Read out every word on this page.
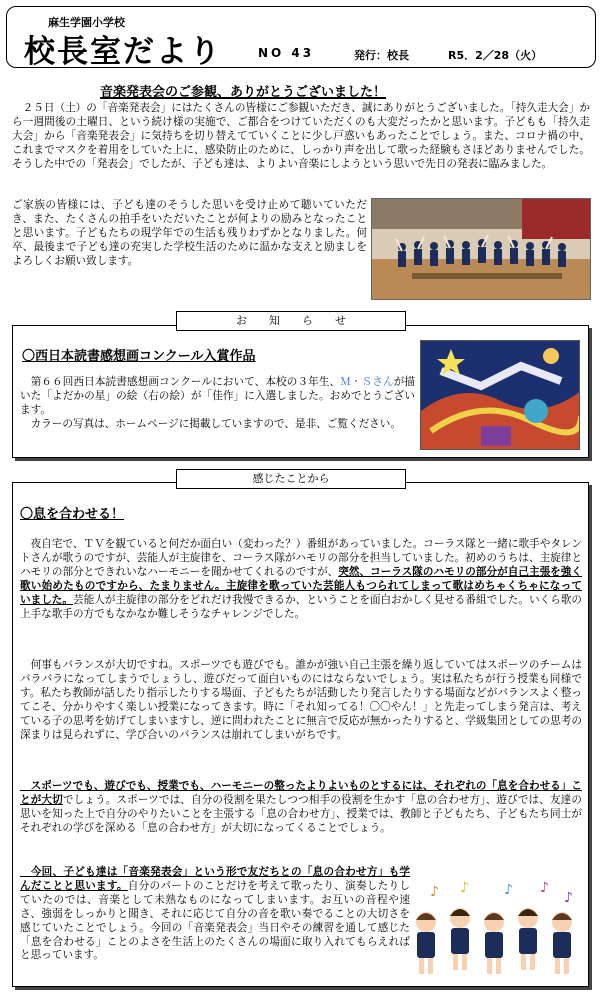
麻生学園小学校
校長室だより	NO 43	発行：校長	R5．2／28（火）
音楽発表会のご参観、ありがとうございました！

　２５日（土）の「音楽発表会」にはたくさんの皆様にご参観いただき、誠にありがとうございました。「持久走大会」から一週間後の土曜日、という続け様の実施で、ご都合をつけていただくのも大変だったかと思います。子どもも「持久走大会」から「音楽発表会」に気持ちを切り替えてていくことに少し戸惑いもあったことでしょう。また、コロナ禍の中、これまでマスクを着用をしていた上に、感染防止のために、しっかり声を出して歌った経験もさほどありませんでした。そうした中での「発表会」でしたが、子ども達は、よりよい音楽にしようという思いで先日の発表に臨みました。

ご家族の皆様には、子ども達のそうした思いを受け止めて聴いていただき、また、たくさんの拍手をいただいたことが何よりの励みとなったことと思います。子どもたちの現学年での生活も残りわずかとなりました。何卒、最後まで子ども達の充実した学校生活のために温かな支えと励ましをよろしくお願い致します。

お　　知　　ら　　せ
〇西日本読書感想画コンクール入賞作品

　第６６回西日本読書感想画コンクールにおいて、本校の３年生、Ｍ・Ｓさんが描いた「よだかの星」の絵（右の絵）が「佳作」に入選しました。おめでとうございます。

　カラーの写真は、ホームページに掲載していますので、是非、ご覧ください。

感じたことから
〇息を合わせる！

　夜自宅で、ＴＶを観ていると何だか面白い（変わった？）番組があっていました。コーラス隊と一緒に歌手やタレントさんが歌うのですが、芸能人が主旋律を、コーラス隊がハモリの部分を担当していました。初めのうちは、主旋律とハモリの部分とできれいなハーモニーを聞かせてくれるのですが、突然、コーラス隊のハモリの部分が自己主張を強く歌い始めたものですから、たまりません。主旋律を歌っていた芸能人もつられてしまって歌はめちゃくちゃになっていました。芸能人が主旋律の部分をどれだけ我慢できるか、ということを面白おかしく見せる番組でした。いくら歌の上手な歌手の方でもなかなか難しそうなチャレンジでした。

　何事もバランスが大切ですね。スポーツでも遊びでも。誰かが強い自己主張を繰り返していてはスポーツのチームはバラバラになってしまうでしょうし、遊びだって面白いものにはならないでしょう。実は私たちが行う授業も同様です。私たち教師が話したり指示したりする場面、子どもたちが活動したり発言したりする場面などがバランスよく整ってこそ、分かりやすく楽しい授業になってきます。時に「それ知ってる！〇〇やん！」と先走ってしまう発言は、考えている子の思考を妨げてしまいますし、逆に問われたことに無言で反応が無かったりすると、学級集団としての思考の深まりは見られずに、学び合いのバランスは崩れてしまいがちです。

　スポーツでも、遊びでも、授業でも、ハーモニーの整ったよりよいものとするには、それぞれの「息を合わせる」ことが大切でしょう。スポーツでは、自分の役割を果たしつつ相手の役割を生かす「息の合わせ方」、遊びでは、友達の思いを知った上で自分のやりたいことを主張する「息の合わせ方」、授業では、教師と子どもたち、子どもたち同士がそれぞれの学びを深める「息の合わせ方」が大切になってくることでしょう。

　今回、子ども達は「音楽発表会」という形で友だちとの「息の合わせ方」も学んだことと思います。自分のパートのことだけを考えて歌ったり、演奏したりしていたのでは、音楽として未熟なものになってしまいます。お互いの音程や速さ、強弱をしっかりと聞き、それに応じて自分の音を歌い奏でることの大切さを感じていたことでしょう。今回の「音楽発表会」当日やその練習を通して感じた「息を合わせる」ことのよさを生活上のたくさんの場面に取り入れてもらえればと思っています。

♪ ♪	♪ ♪
♪
